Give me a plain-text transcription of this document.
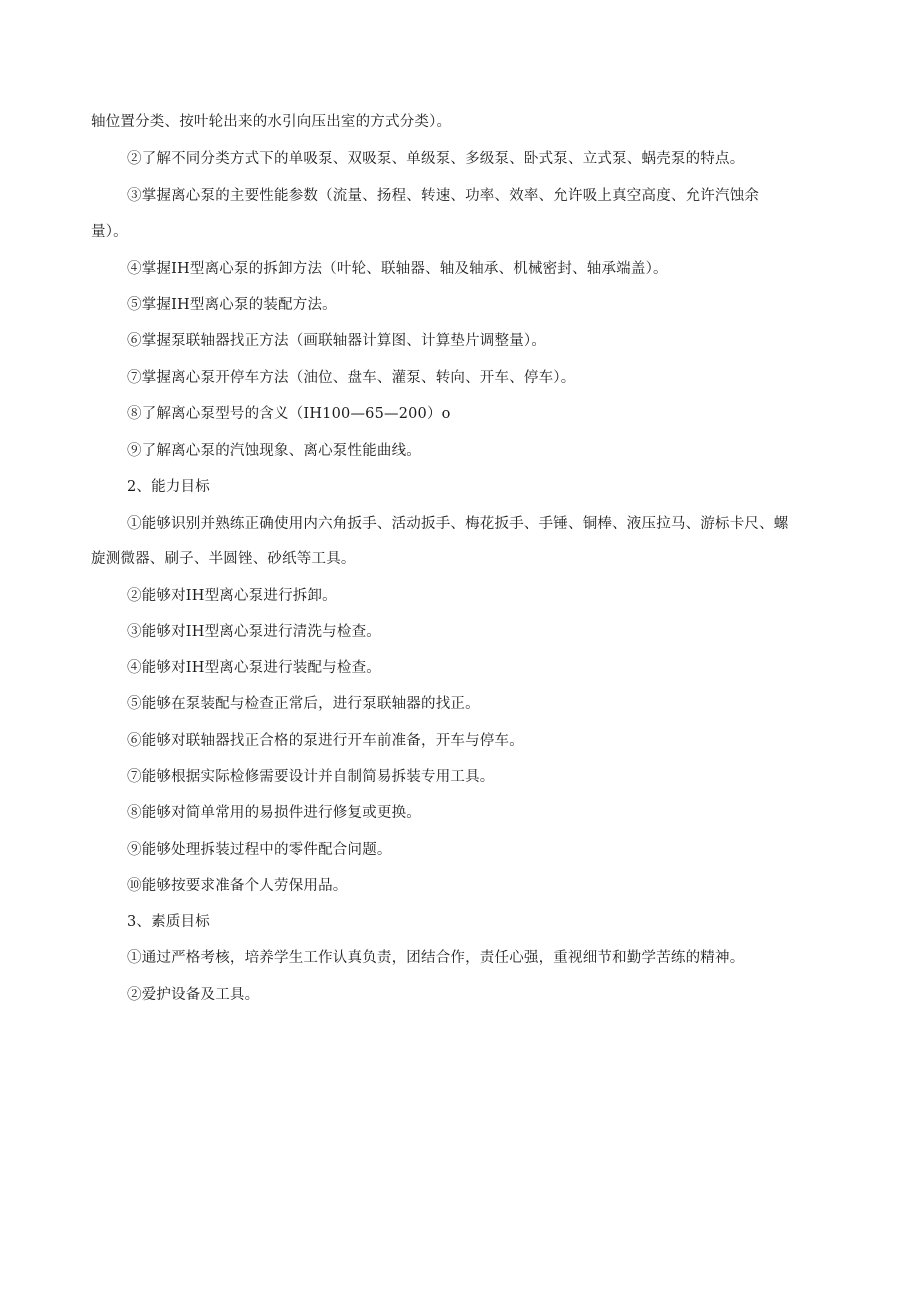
轴位置分类、按叶轮出来的水引向压出室的方式分类）。
②了解不同分类方式下的单吸泵、双吸泵、单级泵、多级泵、卧式泵、立式泵、蜗壳泵的特点。
③掌握离心泵的主要性能参数（流量、扬程、转速、功率、效率、允许吸上真空高度、允许汽蚀余
量）。
④掌握IH型离心泵的拆卸方法（叶轮、联轴器、轴及轴承、机械密封、轴承端盖）。
⑤掌握IH型离心泵的装配方法。
⑥掌握泵联轴器找正方法（画联轴器计算图、计算垫片调整量）。
⑦掌握离心泵开停车方法（油位、盘车、灌泵、转向、开车、停车）。
⑧了解离心泵型号的含义（IH100—65—200）o
⑨了解离心泵的汽蚀现象、离心泵性能曲线。
2、能力目标
①能够识别并熟练正确使用内六角扳手、活动扳手、梅花扳手、手锤、铜棒、液压拉马、游标卡尺、螺
旋测微器、刷子、半圆锉、砂纸等工具。
②能够对IH型离心泵进行拆卸。
③能够对IH型离心泵进行清洗与检查。
④能够对IH型离心泵进行装配与检查。
⑤能够在泵装配与检查正常后，进行泵联轴器的找正。
⑥能够对联轴器找正合格的泵进行开车前准备，开车与停车。
⑦能够根据实际检修需要设计并自制简易拆装专用工具。
⑧能够对简单常用的易损件进行修复或更换。
⑨能够处理拆装过程中的零件配合问题。
⑩能够按要求准备个人劳保用品。
3、素质目标
①通过严格考核，培养学生工作认真负责，团结合作，责任心强，重视细节和勤学苦练的精神。
②爱护设备及工具。
